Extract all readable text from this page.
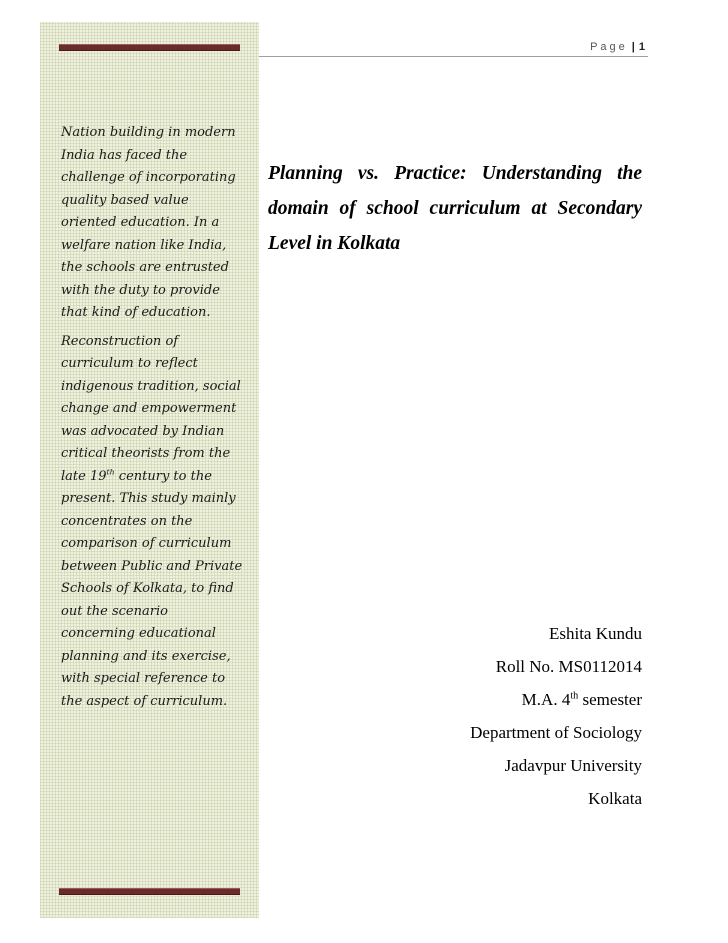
Page | 1

Nation building in modern India has faced the challenge of incorporating quality based value oriented education. In a welfare nation like India, the schools are entrusted with the duty to provide that kind of education.

Reconstruction of curriculum to reflect indigenous tradition, social change and empowerment was advocated by Indian critical theorists from the late 19th century to the present. This study mainly concentrates on the comparison of curriculum between Public and Private Schools of Kolkata, to find out the scenario concerning educational planning and its exercise, with special reference to the aspect of curriculum.

Planning vs. Practice: Understanding the domain of school curriculum at Secondary Level in Kolkata
Eshita Kundu
Roll No. MS0112014
M.A. 4th semester
Department of Sociology
Jadavpur University
Kolkata
